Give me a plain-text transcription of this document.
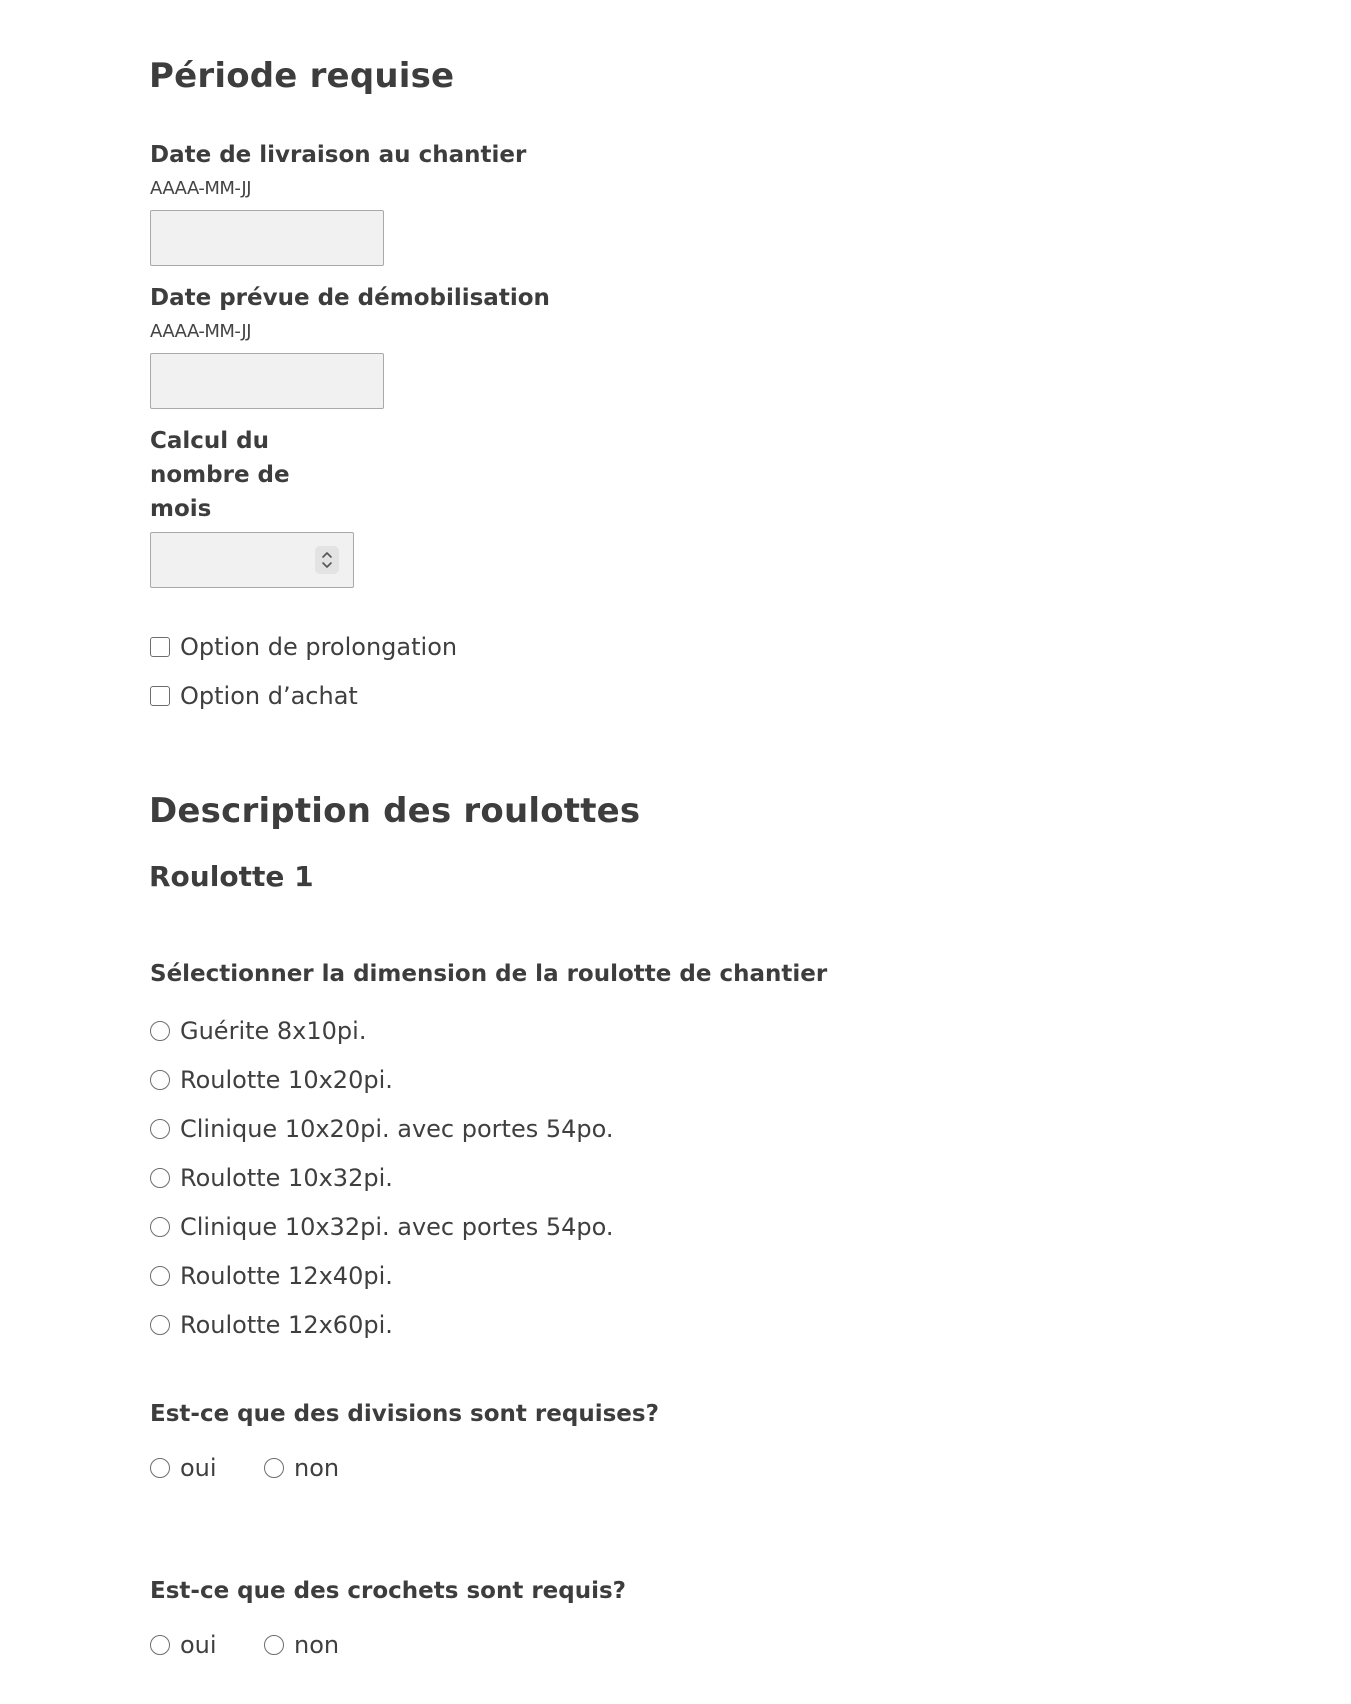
Période requise
Date de livraison au chantier
AAAA-MM-JJ
Date prévue de démobilisation
AAAA-MM-JJ
Calcul du
nombre de
mois
Option de prolongation
Option d’achat
Description des roulottes
Roulotte 1
Sélectionner la dimension de la roulotte de chantier
Guérite 8x10pi.
Roulotte 10x20pi.
Clinique 10x20pi. avec portes 54po.
Roulotte 10x32pi.
Clinique 10x32pi. avec portes 54po.
Roulotte 12x40pi.
Roulotte 12x60pi.
Est-ce que des divisions sont requises?
oui	non
Est-ce que des crochets sont requis?
oui	non
